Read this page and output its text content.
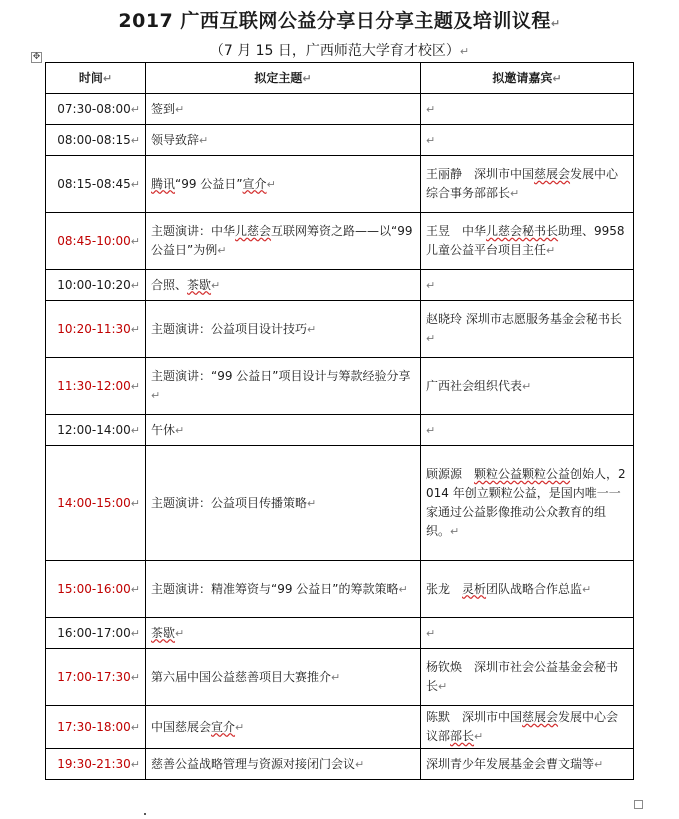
2017 广西互联网公益分享日分享主题及培训议程↵
（7 月 15 日，广西师范大学育才校区）↵
✥
时间↵	拟定主题↵	拟邀请嘉宾↵
07:30-08:00↵	签到↵	↵
08:00-08:15↵	领导致辞↵	↵
08:15-08:45↵	腾讯“99 公益日”宣介↵	王丽静　深圳市中国慈展会发展中心综合事务部部长↵
08:45-10:00↵	主题演讲：中华儿慈会互联网筹资之路——以“99 公益日”为例↵	王昱　中华儿慈会秘书长助理、9958 儿童公益平台项目主任↵
10:00-10:20↵	合照、茶歇↵	↵
10:20-11:30↵	主题演讲：公益项目设计技巧↵	赵晓玲 深圳市志愿服务基金会秘书长↵
11:30-12:00↵	主题演讲：“99 公益日”项目设计与筹款经验分享↵	广西社会组织代表↵
12:00-14:00↵	午休↵	↵
14:00-15:00↵	主题演讲：公益项目传播策略↵	顾源源　颗粒公益颗粒公益创始人，2014 年创立颗粒公益，是国内唯一一家通过公益影像推动公众教育的组织。↵
15:00-16:00↵	主题演讲：精准筹资与“99 公益日”的筹款策略↵	张龙　灵析团队战略合作总监↵
16:00-17:00↵	茶歇↵	↵
17:00-17:30↵	第六届中国公益慈善项目大赛推介↵	杨钦焕　深圳市社会公益基金会秘书长↵
17:30-18:00↵	中国慈展会宣介↵	陈默　深圳市中国慈展会发展中心会议部部长↵
19:30-21:30↵	慈善公益战略管理与资源对接闭门会议↵	深圳青少年发展基金会曹文瑞等↵
